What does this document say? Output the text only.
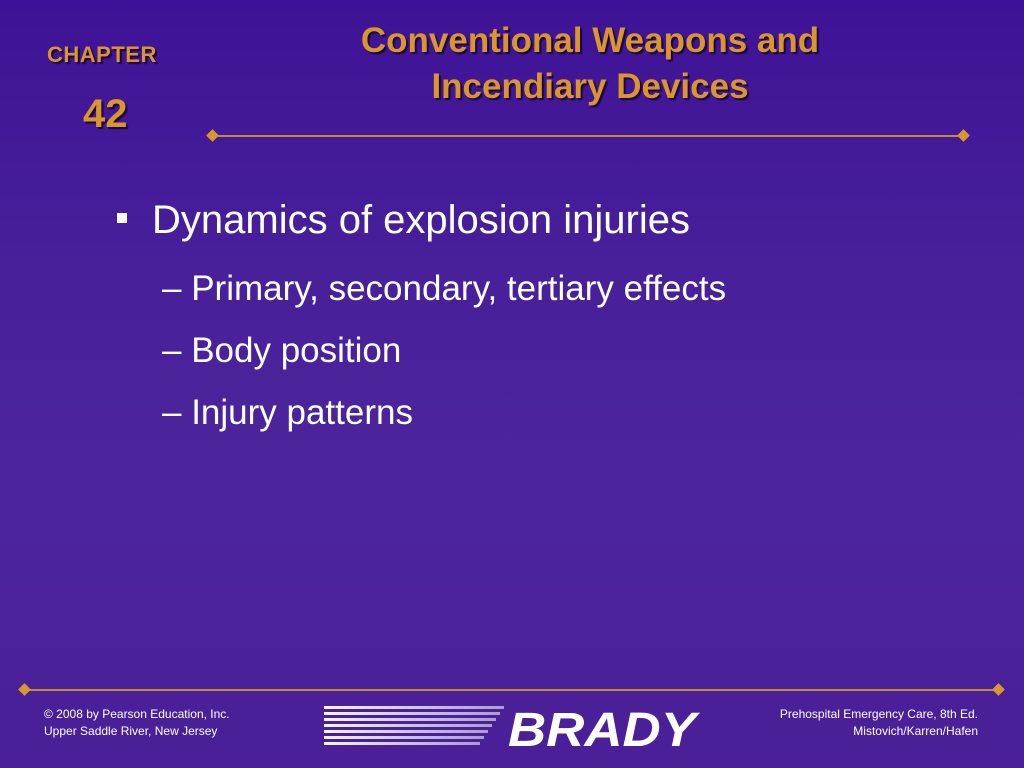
CHAPTER
42
Conventional Weapons and
Incendiary Devices
Dynamics of explosion injuries
– Primary, secondary, tertiary effects
– Body position
– Injury patterns
© 2008 by Pearson Education, Inc.
Upper Saddle River, New Jersey	BRADY	Prehospital Emergency Care, 8th Ed.
Mistovich/Karren/Hafen
